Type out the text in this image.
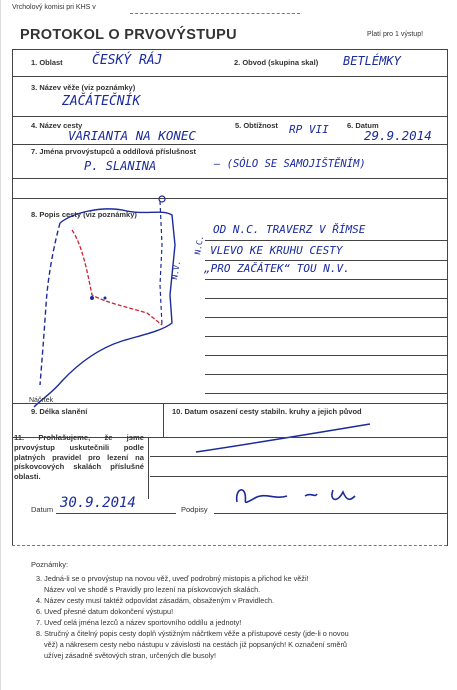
Vrcholový komisi pri KHS v
PROTOKOL O PRVOVÝSTUPU	Platí pro 1 výstup!
1. Oblast ČESKÝ RÁJ	2. Obvod (skupina skal) BETLÉMKY
3. Název věže (viz poznámky)
ZAČÁTEČNÍK
4. Název cesty
VARIANTA NA KONEC
5. Obtížnost RP VII 6. Datum
29.9.2014
7. Jména prvovýstupců a oddílová příslušnost
P. SLANINA	– (SÓLO SE SAMOJIŠTĚNÍM)
8. Popis cesty (viz poznámky)
N.V.
N.C.
Náčrtek
OD N.C. TRAVERZ V ŘÍMSE
VLEVO KE KRUHU CESTY
„PRO ZAČÁTEK“ TOU N.V.
9. Délka slanění	10. Datum osazení cesty stabiln. kruhy a jejich původ
11. Prohlašujeme, že jsme prvovýstup uskutečnili podle platných pravidel pro lezení na pískovcových skalách příslušné oblasti.
Datum 30.9.2014	Podpisy
Poznámky:
3. Jedná-li se o prvovýstup na novou věž, uveď podrobný mistopis a přichod ke věži!
Název vol ve shodě s Pravidly pro lezení na pískovcových skalách.
4. Název cesty musí taktéž odpovídat zásadám, obsaženým v Pravidlech.
6. Uveď přesné datum dokončení výstupu!
7. Uveď celá jména lezců a název sportovního oddílu a jednoty!
8. Stručný a čitelný popis cesty doplň výstižným náčrtkem věže a přístupové cesty (jde-li o novou
věž) a nákresem cesty nebo nástupu v závislosti na cestách již popsaných! K označení směrů
užívej zásadně světových stran, určených dle busoly!
